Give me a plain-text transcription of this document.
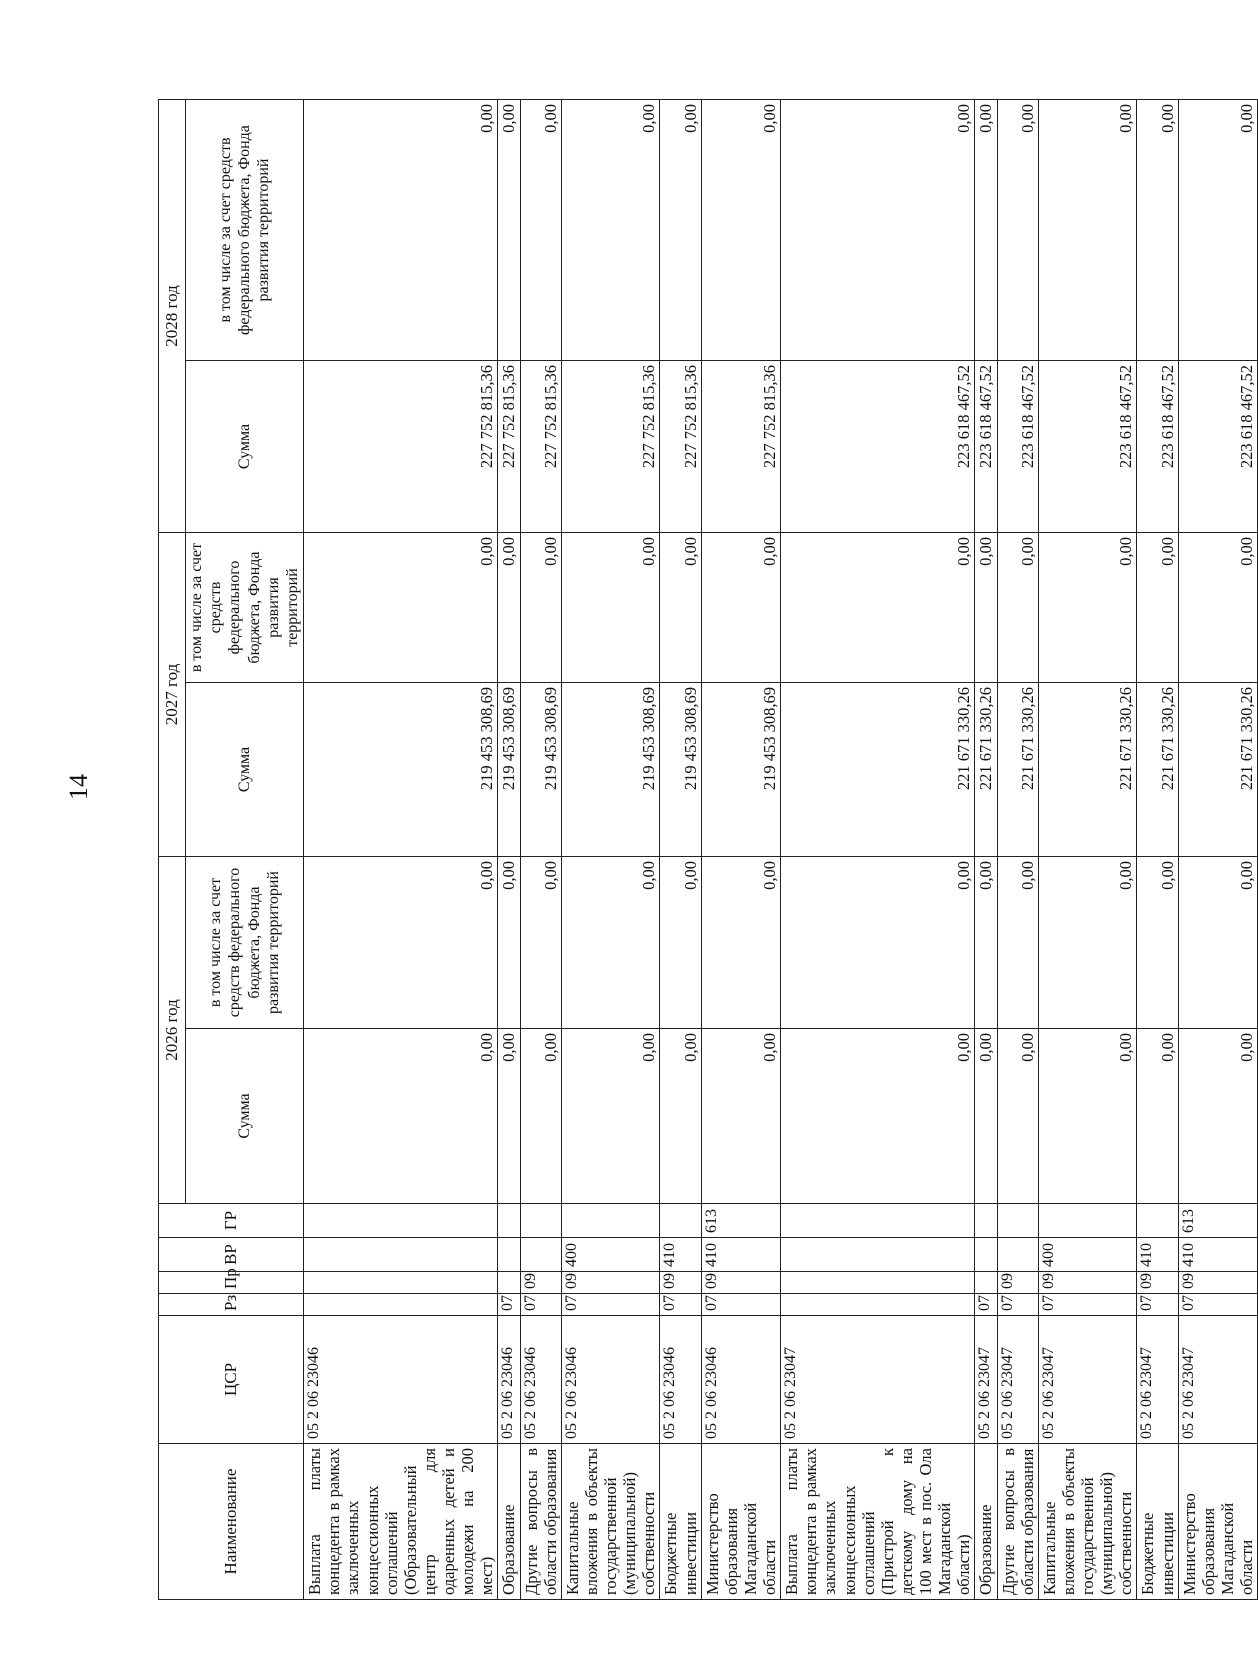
14
Наименование	ЦСР	Рз	Пр	ВР	ГР	2026 год		2027 год		2028 год	
						Сумма	в том числе за счет средств федерального бюджета, Фонда развития территорий	Сумма	в том числе за счет средств федерального бюджета, Фонда развития территорий	Сумма	в том числе за счет средств федерального бюджета, Фонда развития территорий
Выплата платы концедента в рамках заключенных концессионных соглашений (Образовательный центр для одаренных детей и молодежи на 200 мест)	05 2 06 23046					0,00	0,00	219 453 308,69	0,00	227 752 815,36	0,00
Образование	05 2 06 23046	07				0,00	0,00	219 453 308,69	0,00	227 752 815,36	0,00
Другие вопросы в области образования	05 2 06 23046	07	09			0,00	0,00	219 453 308,69	0,00	227 752 815,36	0,00
Капитальные вложения в объекты государственной (муниципальной) собственности	05 2 06 23046	07	09	400		0,00	0,00	219 453 308,69	0,00	227 752 815,36	0,00
Бюджетные инвестиции	05 2 06 23046	07	09	410		0,00	0,00	219 453 308,69	0,00	227 752 815,36	0,00
Министерство образования Магаданской области	05 2 06 23046	07	09	410	613	0,00	0,00	219 453 308,69	0,00	227 752 815,36	0,00
Выплата платы концедента в рамках заключенных концессионных соглашений (Пристрой к детскому дому на 100 мест в пос. Ола Магаданской области)	05 2 06 23047					0,00	0,00	221 671 330,26	0,00	223 618 467,52	0,00
Образование	05 2 06 23047	07				0,00	0,00	221 671 330,26	0,00	223 618 467,52	0,00
Другие вопросы в области образования	05 2 06 23047	07	09			0,00	0,00	221 671 330,26	0,00	223 618 467,52	0,00
Капитальные вложения в объекты государственной (муниципальной) собственности	05 2 06 23047	07	09	400		0,00	0,00	221 671 330,26	0,00	223 618 467,52	0,00
Бюджетные инвестиции	05 2 06 23047	07	09	410		0,00	0,00	221 671 330,26	0,00	223 618 467,52	0,00
Министерство образования Магаданской области	05 2 06 23047	07	09	410	613	0,00	0,00	221 671 330,26	0,00	223 618 467,52	0,00
